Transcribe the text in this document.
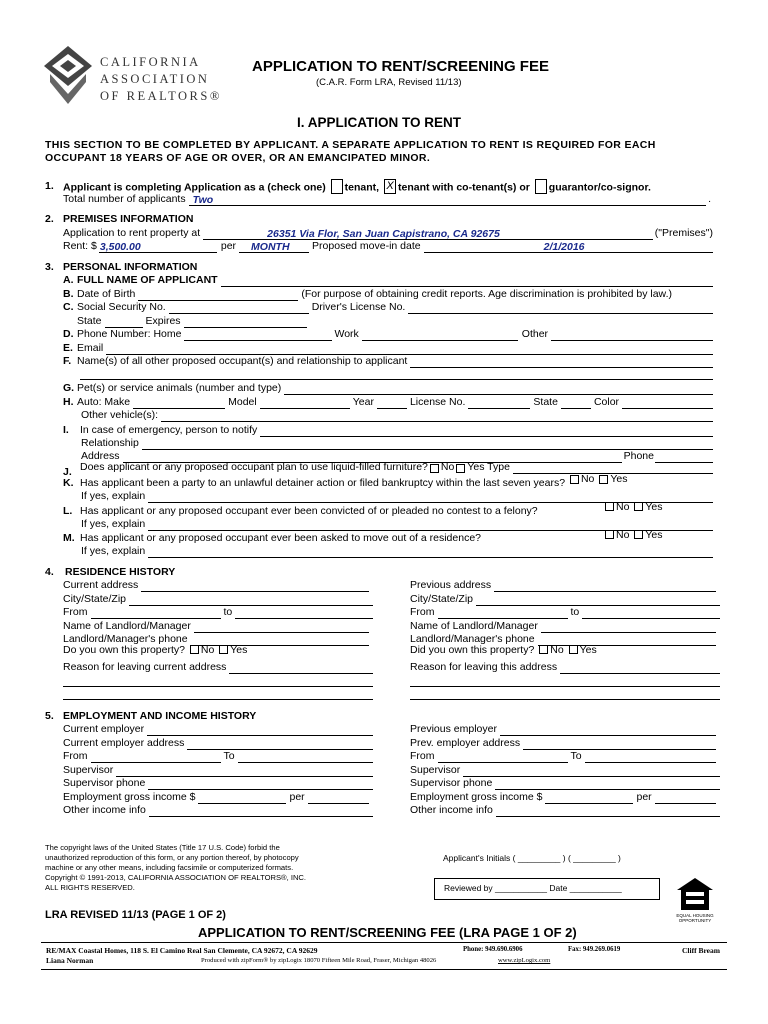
CALIFORNIA
ASSOCIATION
OF REALTORS®
APPLICATION TO RENT/SCREENING FEE
(C.A.R. Form LRA, Revised 11/13)
I. APPLICATION TO RENT
THIS SECTION TO BE COMPLETED BY APPLICANT. A SEPARATE APPLICATION TO RENT IS REQUIRED FOR EACH
OCCUPANT 18 YEARS OF AGE OR OVER, OR AN EMANCIPATED MINOR.
1. Applicant is completing Application as a (check one) tenant, X tenant with co-tenant(s) or guarantor/co-signor.
Total number of applicants Two	.
2. PREMISES INFORMATION
Application to rent property at	26351 Via Flor, San Juan Capistrano, CA 92675	("Premises")
Rent: $ 3,500.00	per MONTH Proposed move-in date	2/1/2016
3. PERSONAL INFORMATION
A. FULL NAME OF APPLICANT
B. Date of Birth	(For purpose of obtaining credit reports. Age discrimination is prohibited by law.)
C. Social Security No.	Driver's License No.
State	Expires
D. Phone Number: Home	Work	Other
E. Email
F. Name(s) of all other proposed occupant(s) and relationship to applicant
G. Pet(s) or service animals (number and type)
H. Auto: Make	Model	Year	License No.	State	Color
Other vehicle(s):
I.	In case of emergency, person to notify
Relationship
Address	Phone
J. Does applicant or any proposed occupant plan to use liquid-filled furniture? No Yes Type
K. Has applicant been a party to an unlawful detainer action or filed bankruptcy within the last seven years? No Yes
If yes, explain
L. Has applicant or any proposed occupant ever been convicted of or pleaded no contest to a felony?	No Yes
If yes, explain
M. Has applicant or any proposed occupant ever been asked to move out of a residence?	No Yes
If yes, explain
4. RESIDENCE HISTORY
Current address	Previous address
City/State/Zip	City/State/Zip
From	to	From	to
Name of Landlord/Manager	Name of Landlord/Manager
Landlord/Manager's phone	Landlord/Manager's phone
Do you own this property? No Yes	Did you own this property? No Yes
Reason for leaving current address	Reason for leaving this address
5. EMPLOYMENT AND INCOME HISTORY
Current employer	Previous employer
Current employer address	Prev. employer address
From	To	From	To
Supervisor	Supervisor
Supervisor phone	Supervisor phone
Employment gross income $	per	Employment gross income $	per
Other income info	Other income info
The copyright laws of the United States (Title 17 U.S. Code) forbid the
unauthorized reproduction of this form, or any portion thereof, by photocopy
machine or any other means, including facsimile or computerized formats.
Copyright © 1991-2013, CALIFORNIA ASSOCIATION OF REALTORS®, INC.
ALL RIGHTS RESERVED.
Applicant's Initials ( _________ ) ( _________ )
Reviewed by ___________ Date ___________
EQUAL HOUSING
OPPORTUNITY
LRA REVISED 11/13 (PAGE 1 OF 2)
APPLICATION TO RENT/SCREENING FEE (LRA PAGE 1 OF 2)
RE/MAX Coastal Homes, 118 S. El Camino Real San Clemente, CA 92672, CA 92629	Phone: 949.690.6906	Fax: 949.269.0619	Cliff Bream
Liana Norman	Produced with zipForm® by zipLogix 18070 Fifteen Mile Road, Fraser, Michigan 48026	www.zipLogix.com
